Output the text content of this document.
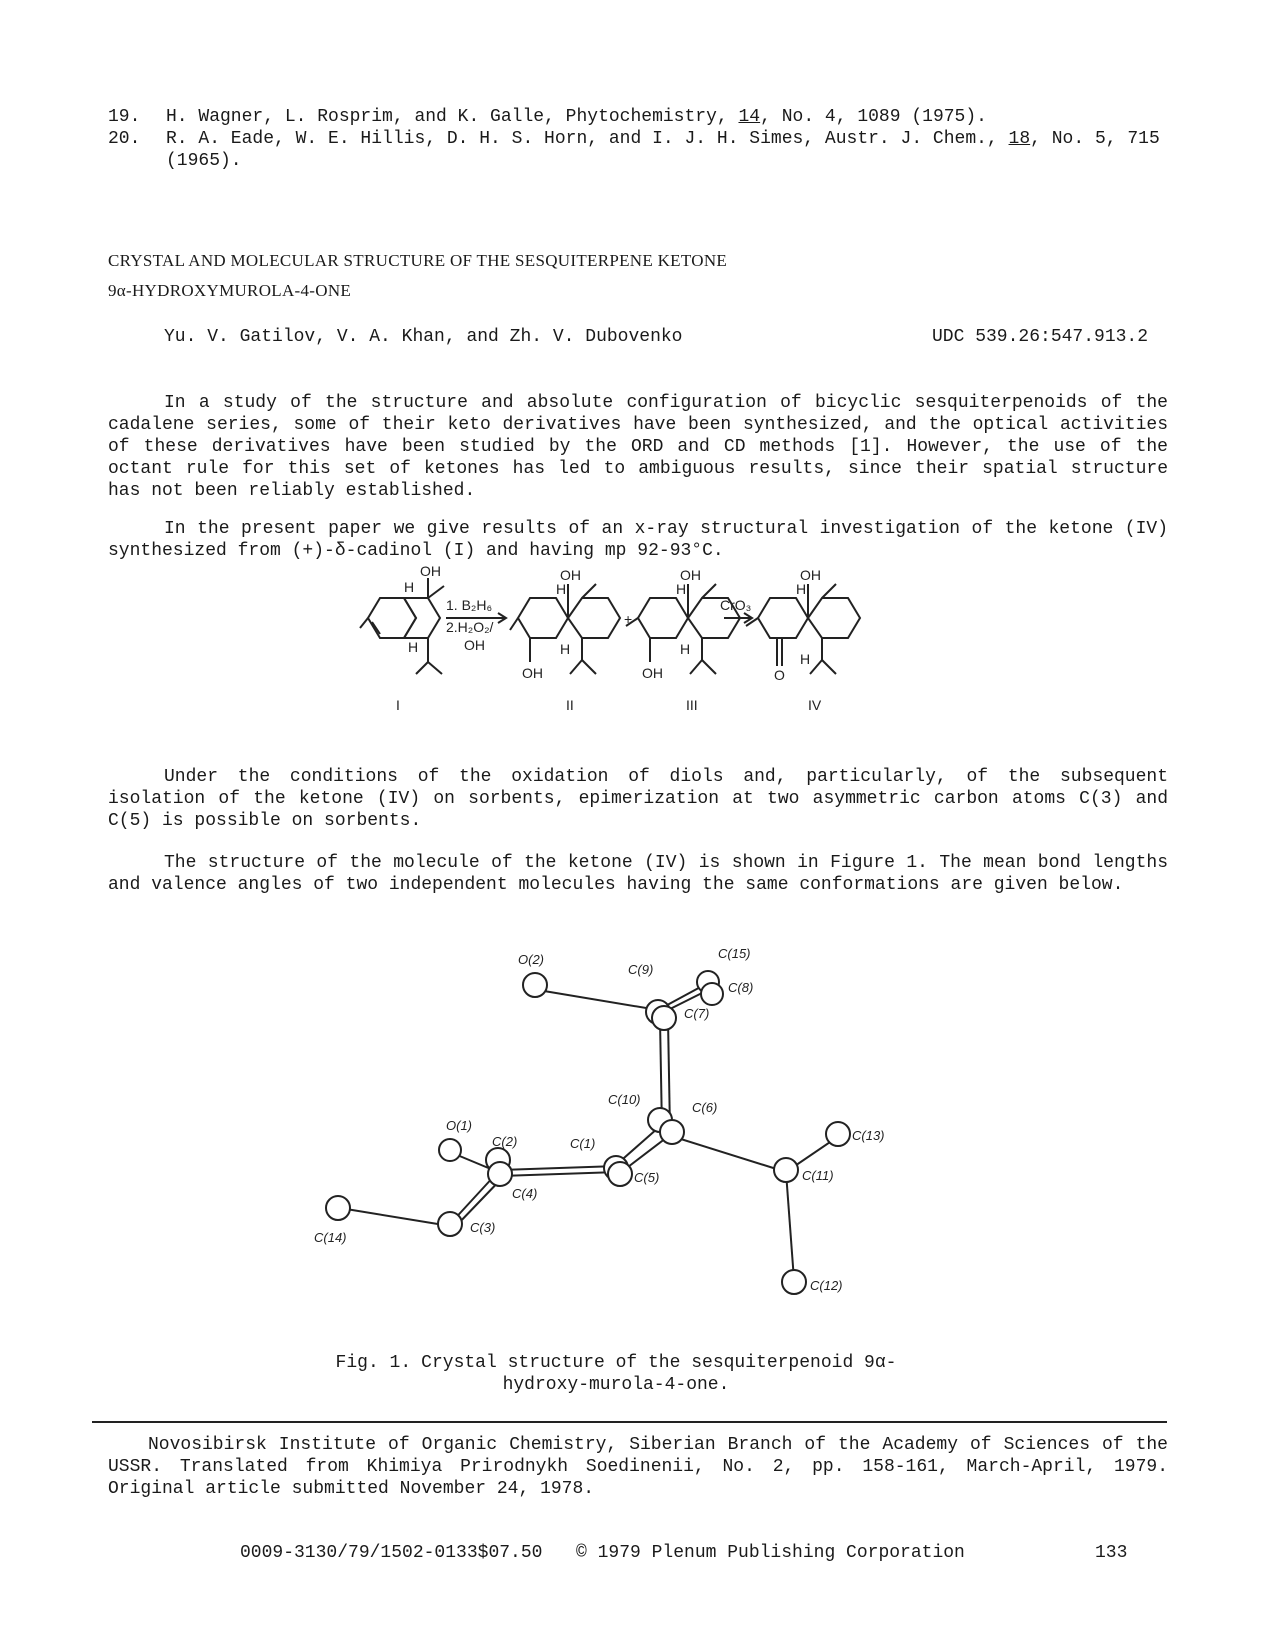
19.	H. Wagner, L. Rosprim, and K. Galle, Phytochemistry, 14, No. 4, 1089 (1975).
20.	R. A. Eade, W. E. Hillis, D. H. S. Horn, and I. J. H. Simes, Austr. J. Chem., 18, No. 5, 715 (1965).
CRYSTAL AND MOLECULAR STRUCTURE OF THE SESQUITERPENE KETONE
9α-HYDROXYMUROLA-4-ONE
Yu. V. Gatilov, V. A. Khan, and Zh. V. Dubovenko	UDC 539.26:547.913.2
In a study of the structure and absolute configuration of bicyclic sesquiterpenoids of the cadalene series, some of their keto derivatives have been synthesized, and the optical activities of these derivatives have been studied by the ORD and CD methods [1]. However, the use of the octant rule for this set of ketones has led to ambiguous results, since their spatial structure has not been reliably established.
In the present paper we give results of an x-ray structural investigation of the ketone (IV) synthesized from (+)-δ-cadinol (I) and having mp 92-93°C.
OH
H
H
1. B₂H₆
2.H₂O₂/
OH
OH
H
H
OH
+
OH
H
H
OH
CrO₃
OH
H
H
O
I	II	III	IV
Under the conditions of the oxidation of diols and, particularly, of the subsequent isolation of the ketone (IV) on sorbents, epimerization at two asymmetric carbon atoms C(3) and C(5) is possible on sorbents.
The structure of the molecule of the ketone (IV) is shown in Figure 1. The mean bond lengths and valence angles of two independent molecules having the same conformations are given below.
O(2)
C(9)
C(15)
C(8)
C(7)
C(10)
C(6)
O(1)
C(2)	C(1)
C(5)
C(4)
C(11)
C(13)
C(14)
C(3)
C(12)
Fig. 1. Crystal structure of the sesquiterpenoid 9α-hydroxy-murola-4-one.
Novosibirsk Institute of Organic Chemistry, Siberian Branch of the Academy of Sciences of the USSR. Translated from Khimiya Prirodnykh Soedinenii, No. 2, pp. 158-161, March-April, 1979. Original article submitted November 24, 1978.
0009-3130/79/1502-0133$07.50 © 1979 Plenum Publishing Corporation	133
